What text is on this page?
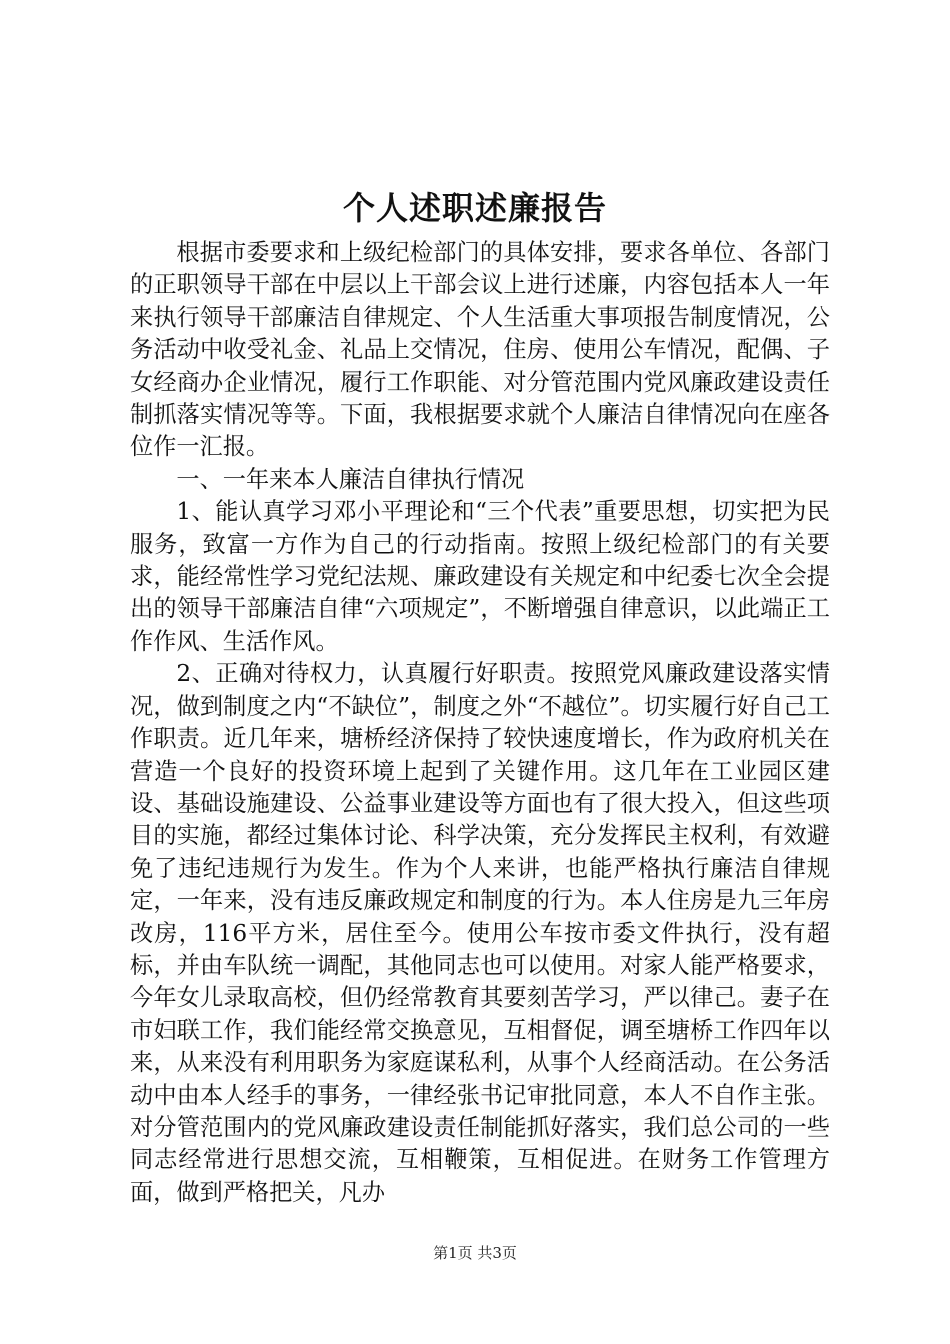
个人述职述廉报告

根据市委要求和上级纪检部门的具体安排，要求各单位、各部门的正职领导干部在中层以上干部会议上进行述廉，内容包括本人一年来执行领导干部廉洁自律规定、个人生活重大事项报告制度情况，公务活动中收受礼金、礼品上交情况，住房、使用公车情况，配偶、子女经商办企业情况，履行工作职能、对分管范围内党风廉政建设责任制抓落实情况等等。下面，我根据要求就个人廉洁自律情况向在座各位作一汇报。

一、一年来本人廉洁自律执行情况

1、能认真学习邓小平理论和“三个代表”重要思想，切实把为民服务，致富一方作为自己的行动指南。按照上级纪检部门的有关要求，能经常性学习党纪法规、廉政建设有关规定和中纪委七次全会提出的领导干部廉洁自律“六项规定”，不断增强自律意识，以此端正工作作风、生活作风。

2、正确对待权力，认真履行好职责。按照党风廉政建设落实情况，做到制度之内“不缺位”，制度之外“不越位”。切实履行好自己工作职责。近几年来，塘桥经济保持了较快速度增长，作为政府机关在营造一个良好的投资环境上起到了关键作用。这几年在工业园区建设、基础设施建设、公益事业建设等方面也有了很大投入，但这些项目的实施，都经过集体讨论、科学决策，充分发挥民主权利，有效避免了违纪违规行为发生。作为个人来讲，也能严格执行廉洁自律规定，一年来，没有违反廉政规定和制度的行为。本人住房是九三年房改房，116平方米，居住至今。使用公车按市委文件执行，没有超标，并由车队统一调配，其他同志也可以使用。对家人能严格要求，今年女儿录取高校，但仍经常教育其要刻苦学习，严以律己。妻子在市妇联工作，我们能经常交换意见，互相督促，调至塘桥工作四年以来，从来没有利用职务为家庭谋私利，从事个人经商活动。在公务活动中由本人经手的事务，一律经张书记审批同意，本人不自作主张。对分管范围内的党风廉政建设责任制能抓好落实，我们总公司的一些同志经常进行思想交流，互相鞭策，互相促进。在财务工作管理方面，做到严格把关，凡办

第1页 共3页
